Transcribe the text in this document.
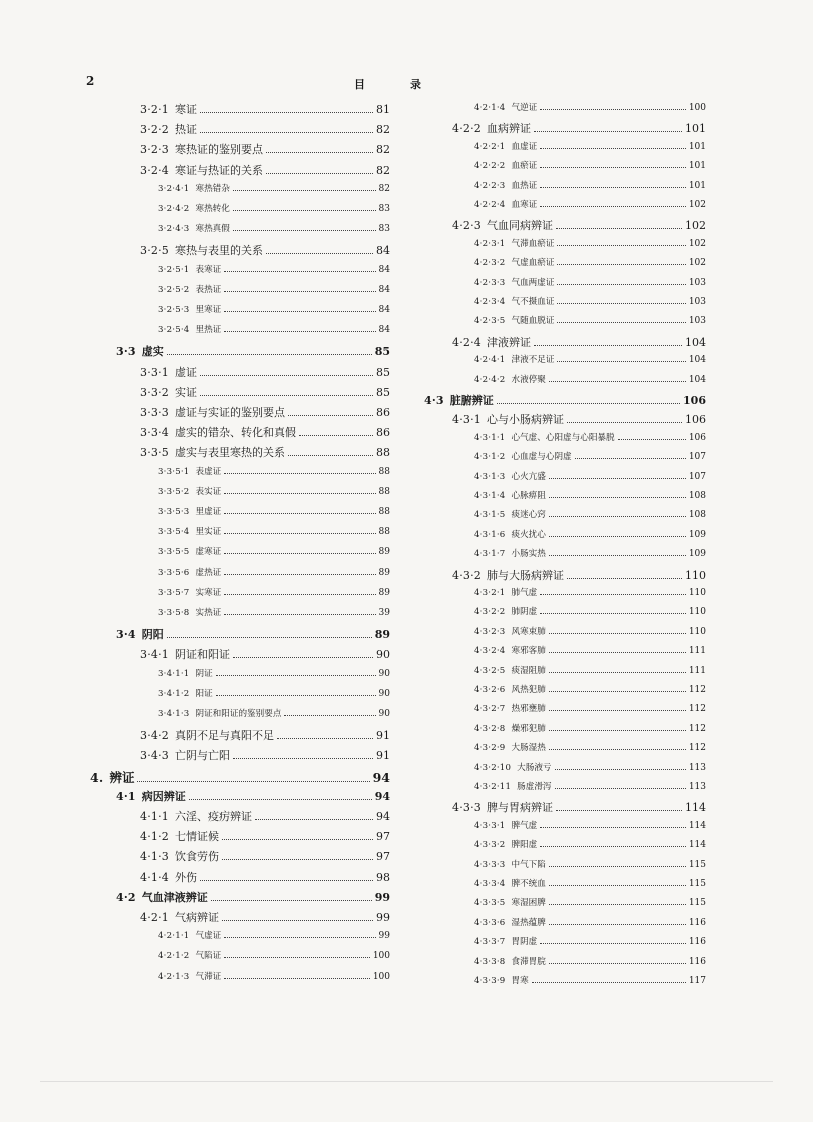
2	目	录
3·2·1 寒证	81
3·2·2 热证	82
3·2·3 寒热证的鉴别要点	82
3·2·4 寒证与热证的关系	82
3·2·4·1 寒热错杂	82
3·2·4·2 寒热转化	83
3·2·4·3 寒热真假	83
3·2·5 寒热与表里的关系	84
3·2·5·1 表寒证	84
3·2·5·2 表热证	84
3·2·5·3 里寒证	84
3·2·5·4 里热证	84
3·3 虚实	85
3·3·1 虚证	85
3·3·2 实证	85
3·3·3 虚证与实证的鉴别要点	86
3·3·4 虚实的错杂、转化和真假	86
3·3·5 虚实与表里寒热的关系	88
3·3·5·1 表虚证	88
3·3·5·2 表实证	88
3·3·5·3 里虚证	88
3·3·5·4 里实证	88
3·3·5·5 虚寒证	89
3·3·5·6 虚热证	89
3·3·5·7 实寒证	89
3·3·5·8 实热证	39
3·4 阴阳	89
3·4·1 阴证和阳证	90
3·4·1·1 阴证	90
3·4·1·2 阳证	90
3·4·1·3 阴证和阳证的鉴别要点	90
3·4·2 真阴不足与真阳不足	91
3·4·3 亡阴与亡阳	91
4. 辨证	94
4·1 病因辨证	94
4·1·1 六淫、疫疠辨证	94
4·1·2 七情证候	97
4·1·3 饮食劳伤	97
4·1·4 外伤	98
4·2 气血津液辨证	99
4·2·1 气病辨证	99
4·2·1·1 气虚证	99
4·2·1·2 气陷证	100
4·2·1·3 气滞证	100
4·2·1·4 气逆证	100
4·2·2 血病辨证	101
4·2·2·1 血虚证	101
4·2·2·2 血瘀证	101
4·2·2·3 血热证	101
4·2·2·4 血寒证	102
4·2·3 气血同病辨证	102
4·2·3·1 气滞血瘀证	102
4·2·3·2 气虚血瘀证	102
4·2·3·3 气血两虚证	103
4·2·3·4 气不摄血证	103
4·2·3·5 气随血脱证	103
4·2·4 津液辨证	104
4·2·4·1 津液不足证	104
4·2·4·2 水液停聚	104
4·3 脏腑辨证	106
4·3·1 心与小肠病辨证	106
4·3·1·1 心气虚、心阳虚与心阳暴脱	106
4·3·1·2 心血虚与心阴虚	107
4·3·1·3 心火亢盛	107
4·3·1·4 心脉痹阻	108
4·3·1·5 痰迷心窍	108
4·3·1·6 痰火扰心	109
4·3·1·7 小肠实热	109
4·3·2 肺与大肠病辨证	110
4·3·2·1 肺气虚	110
4·3·2·2 肺阴虚	110
4·3·2·3 风寒束肺	110
4·3·2·4 寒邪客肺	111
4·3·2·5 痰湿阻肺	111
4·3·2·6 风热犯肺	112
4·3·2·7 热邪壅肺	112
4·3·2·8 燥邪犯肺	112
4·3·2·9 大肠湿热	112
4·3·2·10 大肠液亏	113
4·3·2·11 肠虚滑泻	113
4·3·3 脾与胃病辨证	114
4·3·3·1 脾气虚	114
4·3·3·2 脾阳虚	114
4·3·3·3 中气下陷	115
4·3·3·4 脾不统血	115
4·3·3·5 寒湿困脾	115
4·3·3·6 湿热蕴脾	116
4·3·3·7 胃阴虚	116
4·3·3·8 食滞胃脘	116
4·3·3·9 胃寒	117
